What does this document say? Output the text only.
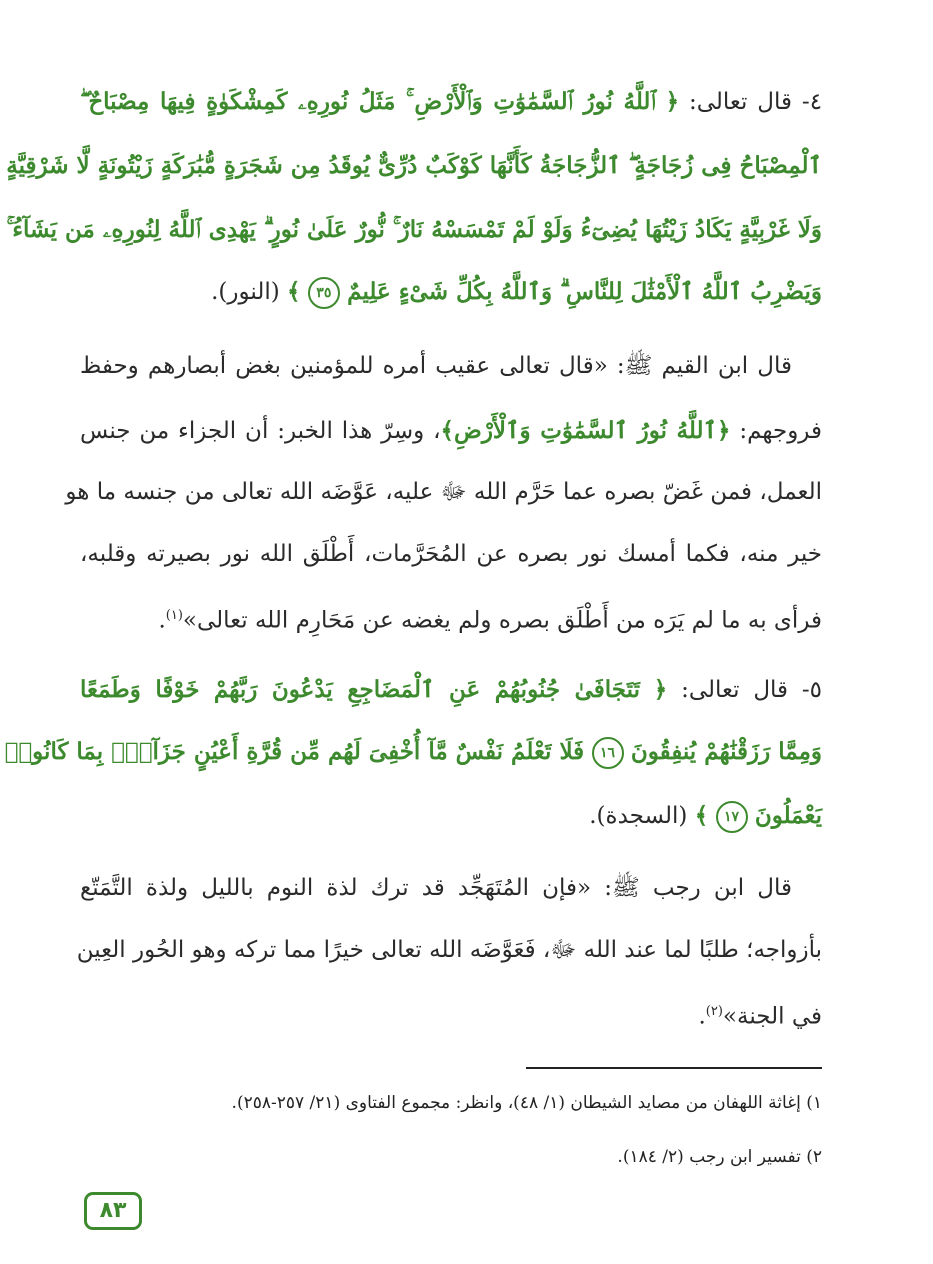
٤- قال تعالى: ﴿ ٱللَّهُ نُورُ ٱلسَّمَٰوَٰتِ وَٱلْأَرْضِ ۚ مَثَلُ نُورِهِۦ كَمِشْكَوٰةٍ فِيهَا مِصْبَاحٌ ۖ
ٱلْمِصْبَاحُ فِى زُجَاجَةٍ ۖ ٱلزُّجَاجَةُ كَأَنَّهَا كَوْكَبٌ دُرِّىٌّ يُوقَدُ مِن شَجَرَةٍ مُّبَٰرَكَةٍ زَيْتُونَةٍ لَّا شَرْقِيَّةٍ
وَلَا غَرْبِيَّةٍ يَكَادُ زَيْتُهَا يُضِىٓءُ وَلَوْ لَمْ تَمْسَسْهُ نَارٌ ۚ نُّورٌ عَلَىٰ نُورٍ ۗ يَهْدِى ٱللَّهُ لِنُورِهِۦ مَن يَشَآءُ ۚ
وَيَضْرِبُ ٱللَّهُ ٱلْأَمْثَٰلَ لِلنَّاسِ ۗ وَٱللَّهُ بِكُلِّ شَىْءٍ عَلِيمٌ ٣٥ ﴾ (النور).
قال ابن القيم ﷺ: «قال تعالى عقيب أمره للمؤمنين بغض أبصارهم وحفظ
فروجهم: ﴿ٱللَّهُ نُورُ ٱلسَّمَٰوَٰتِ وَٱلْأَرْضِ﴾، وسِرّ هذا الخبر: أن الجزاء من جنس
العمل، فمن غَضّ بصره عما حَرَّم الله ﷻ عليه، عَوَّضَه الله تعالى من جنسه ما هو
خير منه، فكما أمسك نور بصره عن المُحَرَّمات، أَطْلَق الله نور بصيرته وقلبه،
فرأى به ما لم يَرَه من أَطْلَق بصره ولم يغضه عن مَحَارِم الله تعالى»$^{(١)}$.
٥- قال تعالى: ﴿ تَتَجَافَىٰ جُنُوبُهُمْ عَنِ ٱلْمَضَاجِعِ يَدْعُونَ رَبَّهُمْ خَوْفًا وَطَمَعًا
وَمِمَّا رَزَقْنَٰهُمْ يُنفِقُونَ ١٦ فَلَا تَعْلَمُ نَفْسٌ مَّآ أُخْفِىَ لَهُم مِّن قُرَّةِ أَعْيُنٍ جَزَآءًۢ بِمَا كَانُوا۟
يَعْمَلُونَ ١٧ ﴾ (السجدة).
قال ابن رجب ﷺ: «فإن المُتَهَجِّد قد ترك لذة النوم بالليل ولذة التَّمَتّع
بأزواجه؛ طلبًا لما عند الله ﷻ، فَعَوَّضَه الله تعالى خيرًا مما تركه وهو الحُور العِين
في الجنة»$^{(٢)}$.
١) إغاثة اللهفان من مصايد الشيطان (١/ ٤٨)، وانظر: مجموع الفتاوى (٢١/ ٢٥٧-٢٥٨).
٢) تفسير ابن رجب (٢/ ١٨٤).
٨٣
